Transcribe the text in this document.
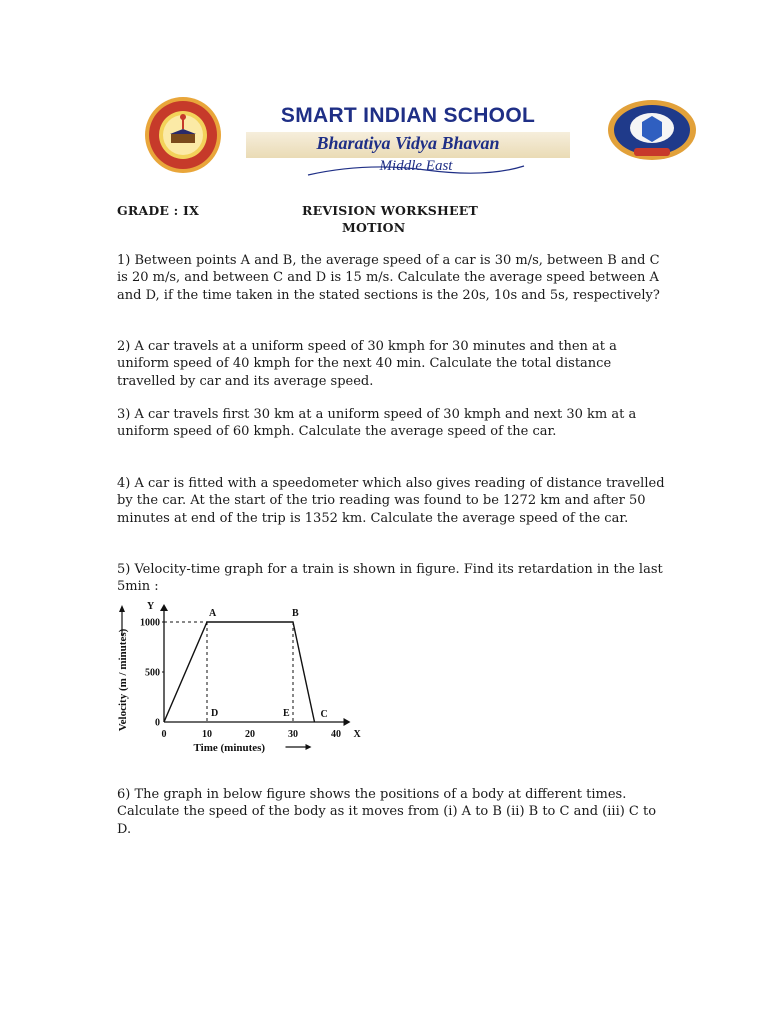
SMART INDIAN SCHOOL
Bharatiya Vidya Bhavan
Middle East
GRADE : IX	REVISION WORKSHEET
MOTION

1) Between points A and B, the average speed of a car is 30 m/s, between B and C is 20 m/s, and between C and D is 15 m/s. Calculate the average speed between A and D, if the time taken in the stated sections is the 20s, 10s and 5s, respectively?

2) A car travels at a uniform speed of 30 kmph for 30 minutes and then at a uniform speed of 40 kmph for the next 40 min. Calculate the total distance travelled by car and its average speed.

3) A car travels first 30 km at a uniform speed of 30 kmph and next 30 km at a uniform speed of 60 kmph. Calculate the average speed of the car.

4) A car is fitted with a speedometer which also gives reading of distance travelled by the car. At the start of the trio reading was found to be 1272 km and after 50 minutes at end of the trip is 1352 km. Calculate the average speed of the car.

5) Velocity-time graph for a train is shown in figure. Find its retardation in the last 5min :

0	10	20	30	40
0
500
1000
X
Y
A	B
C
D	E
Time (minutes)
Velocity (m / minutes)

6) The graph in below figure shows the positions of a body at different times. Calculate the speed of the body as it moves from (i) A to B (ii) B to C and (iii) C to D.
